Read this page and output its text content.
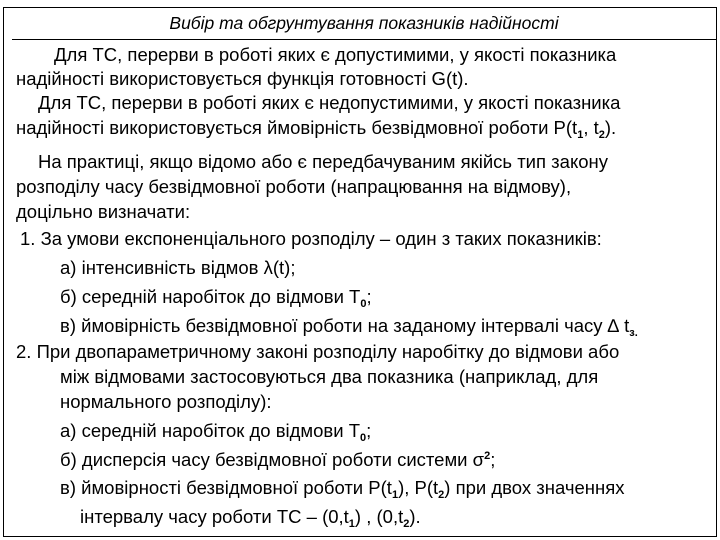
Вибір та обгрунтування показників надійності
Для ТС, перерви в роботі яких є допустимими, у якості показника
надійності використовується функція готовності G(t).
Для ТС, перерви в роботі яких є недопустимими, у якості показника
надійності використовується ймовірність безвідмовної роботи $P(t_1$, $t_2$).
На практиці, якщо відомо або є передбачуваним якійсь тип закону
розподілу часу безвідмовної роботи (напрацювання на відмову),
доцільно визначати:
1. За умови експоненціального розподілу – один з таких показників:
а) інтенсивність відмов λ(t);
б) середній наробіток до відмови $Т_0$;
в) ймовірність безвідмовної роботи на заданому інтервалі часу ∆ $t_{з.}$
2. При двопараметричному законі розподілу наробітку до відмови або
між відмовами застосовуються два показника (наприклад, для
нормального розподілу):
а) середній наробіток до відмови $Т_0$;
б) дисперсія часу безвідмовної роботи системи $\sigma^2$;
в) ймовірності безвідмовної роботи $P(t_1)$, $P(t_2)$ при двох значеннях
інтервалу часу роботи ТС – $(0,t_1)$ , $(0,t_2)$.
